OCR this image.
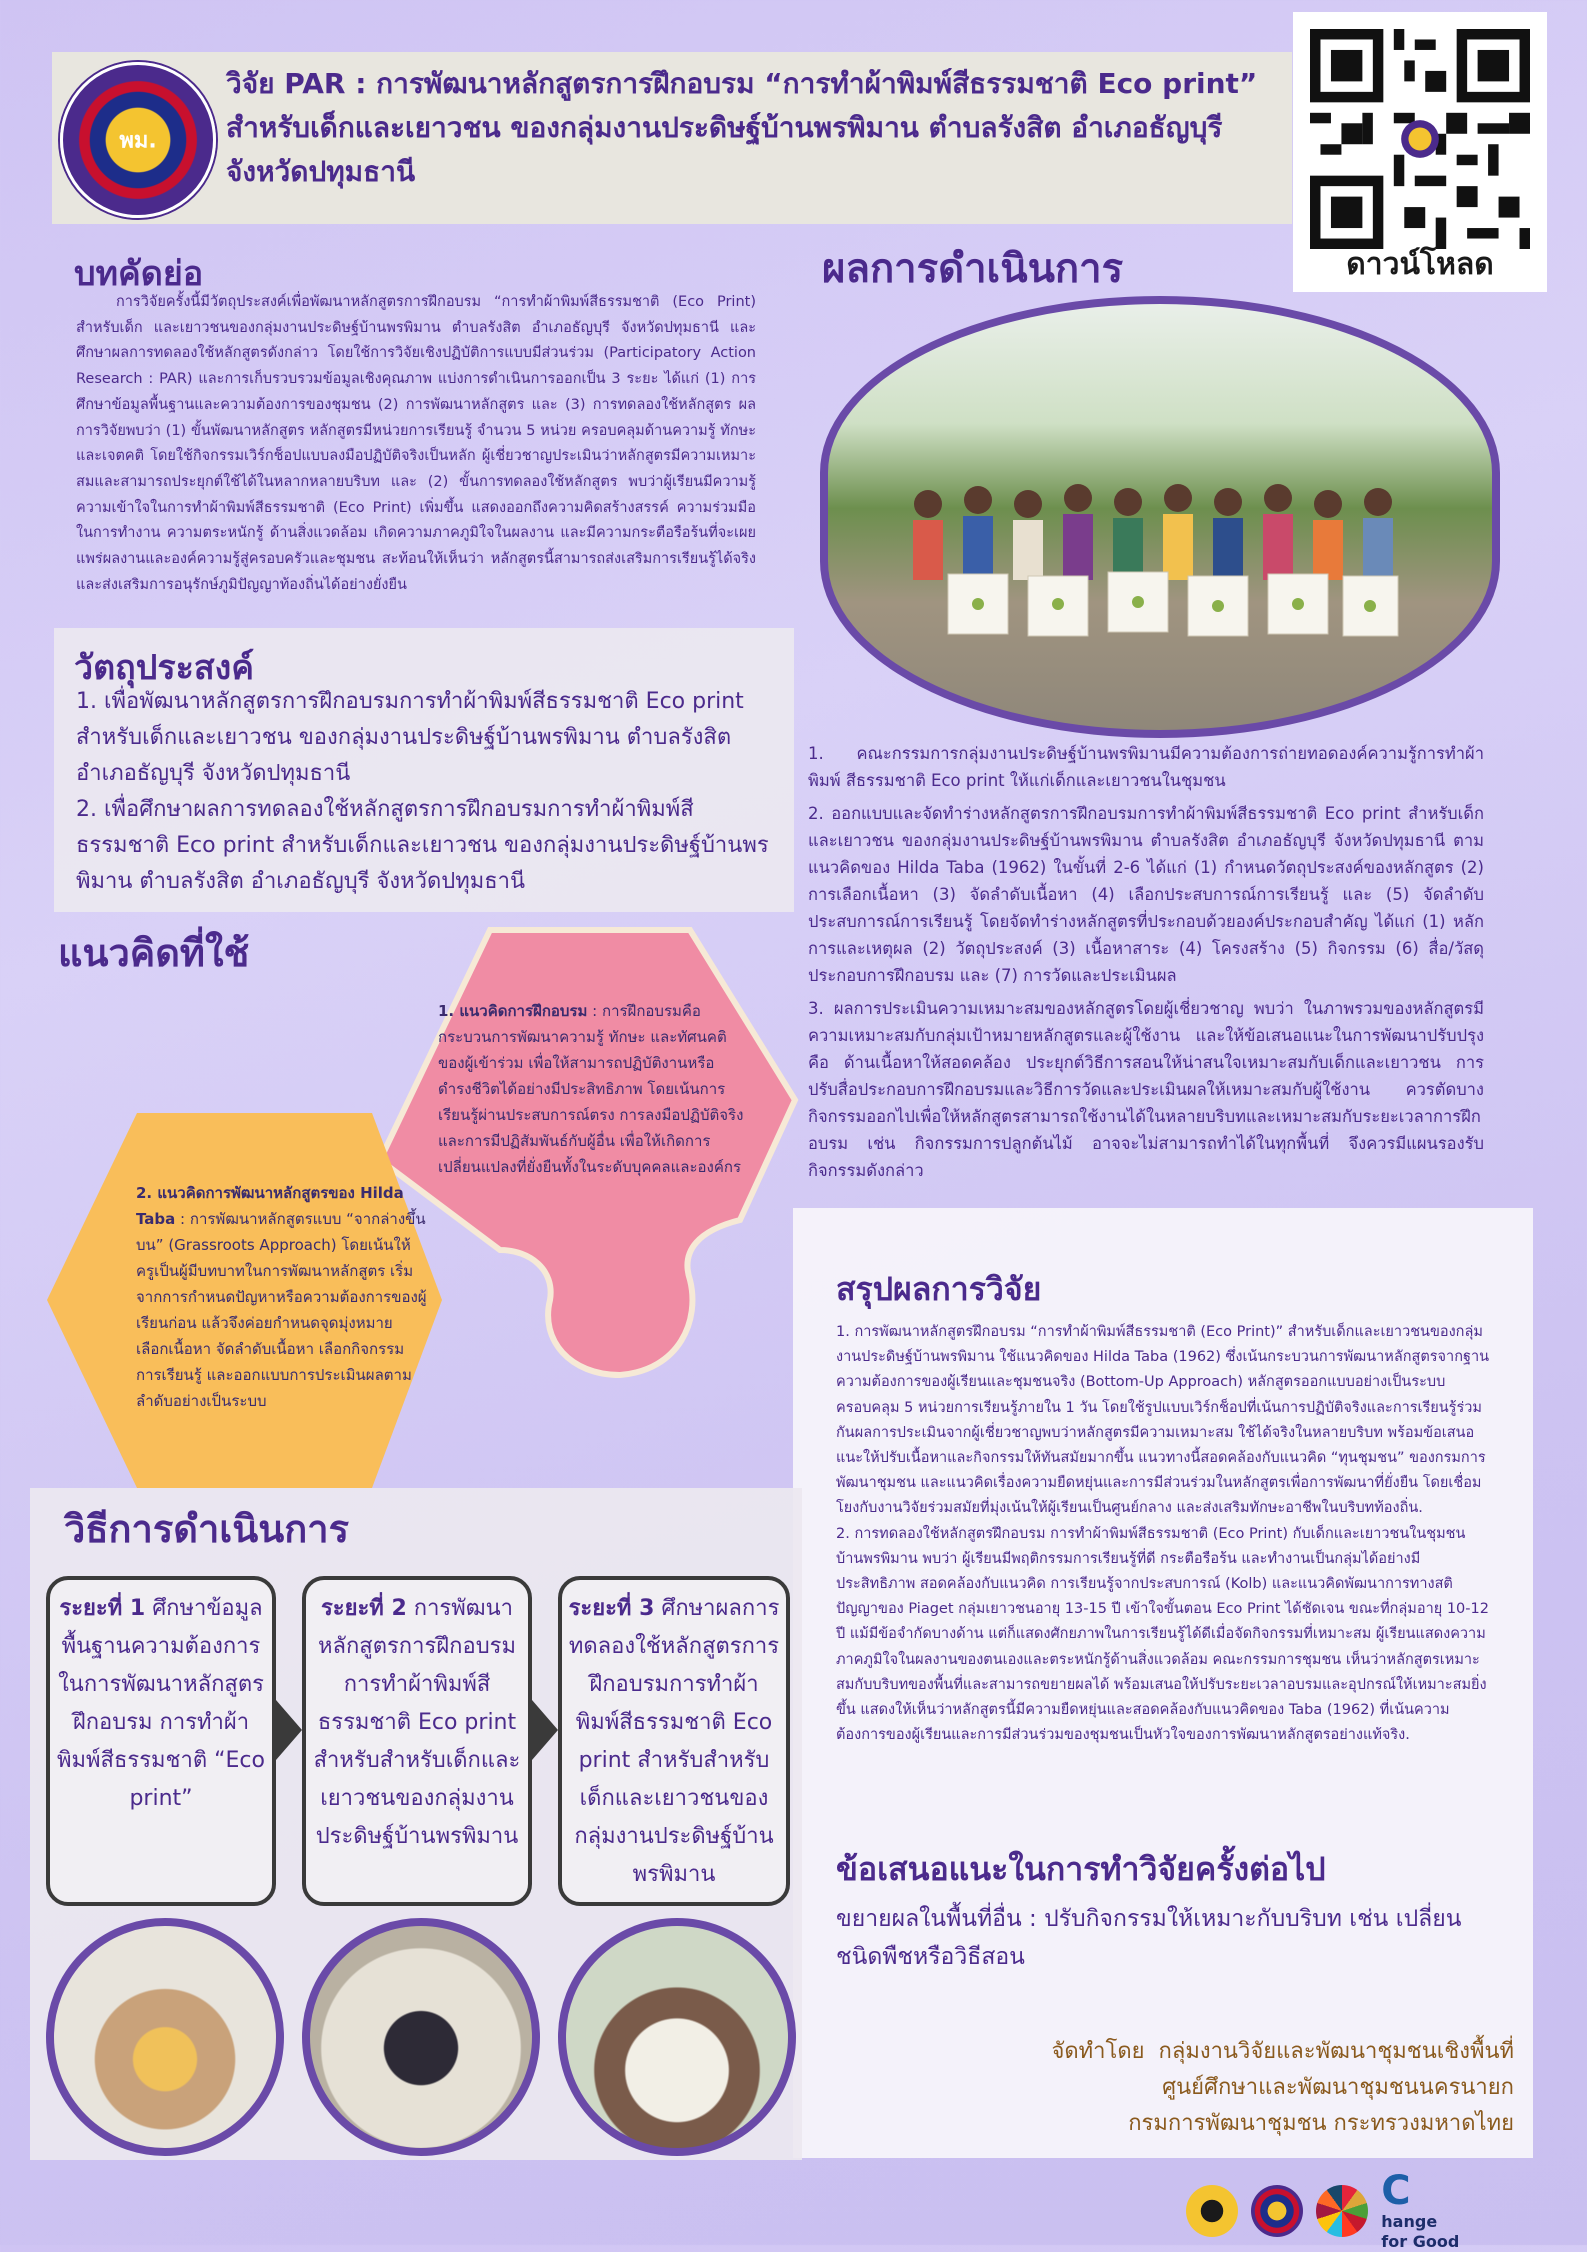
พม.
วิจัย PAR : การพัฒนาหลักสูตรการฝึกอบรม “การทำผ้าพิมพ์สีธรรมชาติ Eco print”
สำหรับเด็กและเยาวชน ของกลุ่มงานประดิษฐ์บ้านพรพิมาน ตำบลรังสิต อำเภอธัญบุรี
จังหวัดปทุมธานี
ดาวน์โหลด
บทคัดย่อ
การวิจัยครั้งนี้มีวัตถุประสงค์เพื่อพัฒนาหลักสูตรการฝึกอบรม “การทำผ้าพิมพ์สีธรรมชาติ (Eco Print) สำหรับเด็ก และเยาวชนของกลุ่มงานประดิษฐ์บ้านพรพิมาน ตำบลรังสิต อำเภอธัญบุรี จังหวัดปทุมธานี และศึกษาผลการทดลองใช้หลักสูตรดังกล่าว โดยใช้การวิจัยเชิงปฏิบัติการแบบมีส่วนร่วม (Participatory Action Research : PAR) และการเก็บรวบรวมข้อมูลเชิงคุณภาพ แบ่งการดำเนินการออกเป็น 3 ระยะ ได้แก่ (1) การศึกษาข้อมูลพื้นฐานและความต้องการของชุมชน (2) การพัฒนาหลักสูตร และ (3) การทดลองใช้หลักสูตร ผลการวิจัยพบว่า (1) ขั้นพัฒนาหลักสูตร หลักสูตรมีหน่วยการเรียนรู้ จำนวน 5 หน่วย ครอบคลุมด้านความรู้ ทักษะ และเจตคติ โดยใช้กิจกรรมเวิร์กช็อปแบบลงมือปฏิบัติจริงเป็นหลัก ผู้เชี่ยวชาญประเมินว่าหลักสูตรมีความเหมาะสมและสามารถประยุกต์ใช้ได้ในหลากหลายบริบท และ (2) ขั้นการทดลองใช้หลักสูตร พบว่าผู้เรียนมีความรู้ความเข้าใจในการทำผ้าพิมพ์สีธรรมชาติ (Eco Print) เพิ่มขึ้น แสดงออกถึงความคิดสร้างสรรค์ ความร่วมมือในการทำงาน ความตระหนักรู้ ด้านสิ่งแวดล้อม เกิดความภาคภูมิใจในผลงาน และมีความกระตือรือร้นที่จะเผยแพร่ผลงานและองค์ความรู้สู่ครอบครัวและชุมชน สะท้อนให้เห็นว่า หลักสูตรนี้สามารถส่งเสริมการเรียนรู้ได้จริงและส่งเสริมการอนุรักษ์ภูมิปัญญาท้องถิ่นได้อย่างยั่งยืน
วัตถุประสงค์
1. เพื่อพัฒนาหลักสูตรการฝึกอบรมการทำผ้าพิมพ์สีธรรมชาติ Eco print สำหรับเด็กและเยาวชน ของกลุ่มงานประดิษฐ์บ้านพรพิมาน ตำบลรังสิต อำเภอธัญบุรี จังหวัดปทุมธานี
2. เพื่อศึกษาผลการทดลองใช้หลักสูตรการฝึกอบรมการทำผ้าพิมพ์สีธรรมชาติ Eco print สำหรับเด็กและเยาวชน ของกลุ่มงานประดิษฐ์บ้านพรพิมาน ตำบลรังสิต อำเภอธัญบุรี จังหวัดปทุมธานี
แนวคิดที่ใช้
1. แนวคิดการฝึกอบรม : การฝึกอบรมคือกระบวนการพัฒนาความรู้ ทักษะ และทัศนคติของผู้เข้าร่วม เพื่อให้สามารถปฏิบัติงานหรือดำรงชีวิตได้อย่างมีประสิทธิภาพ โดยเน้นการเรียนรู้ผ่านประสบการณ์ตรง การลงมือปฏิบัติจริง และการมีปฏิสัมพันธ์กับผู้อื่น เพื่อให้เกิดการเปลี่ยนแปลงที่ยั่งยืนทั้งในระดับบุคคลและองค์กร
2. แนวคิดการพัฒนาหลักสูตรของ Hilda Taba : การพัฒนาหลักสูตรแบบ “จากล่างขึ้นบน” (Grassroots Approach) โดยเน้นให้ครูเป็นผู้มีบทบาทในการพัฒนาหลักสูตร เริ่มจากการกำหนดปัญหาหรือความต้องการของผู้เรียนก่อน แล้วจึงค่อยกำหนดจุดมุ่งหมาย เลือกเนื้อหา จัดลำดับเนื้อหา เลือกกิจกรรมการเรียนรู้ และออกแบบการประเมินผลตามลำดับอย่างเป็นระบบ
ผลการดำเนินการ

1. คณะกรรมการกลุ่มงานประดิษฐ์บ้านพรพิมานมีความต้องการถ่ายทอดองค์ความรู้การทำผ้าพิมพ์ สีธรรมชาติ Eco print ให้แก่เด็กและเยาวชนในชุมชน

2. ออกแบบและจัดทำร่างหลักสูตรการฝึกอบรมการทำผ้าพิมพ์สีธรรมชาติ Eco print สำหรับเด็กและเยาวชน ของกลุ่มงานประดิษฐ์บ้านพรพิมาน ตำบลรังสิต อำเภอธัญบุรี จังหวัดปทุมธานี ตามแนวคิดของ Hilda Taba (1962) ในขั้นที่ 2-6 ได้แก่ (1) กำหนดวัตถุประสงค์ของหลักสูตร (2) การเลือกเนื้อหา (3) จัดลำดับเนื้อหา (4) เลือกประสบการณ์การเรียนรู้ และ (5) จัดลำดับประสบการณ์การเรียนรู้ โดยจัดทำร่างหลักสูตรที่ประกอบด้วยองค์ประกอบสำคัญ ได้แก่ (1) หลักการและเหตุผล (2) วัตถุประสงค์ (3) เนื้อหาสาระ (4) โครงสร้าง (5) กิจกรรม (6) สื่อ/วัสดุประกอบการฝึกอบรม และ (7) การวัดและประเมินผล

3. ผลการประเมินความเหมาะสมของหลักสูตรโดยผู้เชี่ยวชาญ พบว่า ในภาพรวมของหลักสูตรมีความเหมาะสมกับกลุ่มเป้าหมายหลักสูตรและผู้ใช้งาน และให้ข้อเสนอแนะในการพัฒนาปรับปรุง คือ ด้านเนื้อหาให้สอดคล้อง ประยุกต์วิธีการสอนให้น่าสนใจเหมาะสมกับเด็กและเยาวชน การปรับสื่อประกอบการฝึกอบรมและวิธีการวัดและประเมินผลให้เหมาะสมกับผู้ใช้งาน ควรตัดบางกิจกรรมออกไปเพื่อให้หลักสูตรสามารถใช้งานได้ในหลายบริบทและเหมาะสมกับระยะเวลาการฝึกอบรม เช่น กิจกรรมการปลูกต้นไม้ อาจจะไม่สามารถทำได้ในทุกพื้นที่ จึงควรมีแผนรองรับกิจกรรมดังกล่าว

สรุปผลการวิจัย

1. การพัฒนาหลักสูตรฝึกอบรม “การทำผ้าพิมพ์สีธรรมชาติ (Eco Print)” สำหรับเด็กและเยาวชนของกลุ่มงานประดิษฐ์บ้านพรพิมาน ใช้แนวคิดของ Hilda Taba (1962) ซึ่งเน้นกระบวนการพัฒนาหลักสูตรจากฐานความต้องการของผู้เรียนและชุมชนจริง (Bottom-Up Approach) หลักสูตรออกแบบอย่างเป็นระบบ ครอบคลุม 5 หน่วยการเรียนรู้ภายใน 1 วัน โดยใช้รูปแบบเวิร์กช็อปที่เน้นการปฏิบัติจริงและการเรียนรู้ร่วมกันผลการประเมินจากผู้เชี่ยวชาญพบว่าหลักสูตรมีความเหมาะสม ใช้ได้จริงในหลายบริบท พร้อมข้อเสนอแนะให้ปรับเนื้อหาและกิจกรรมให้ทันสมัยมากขึ้น แนวทางนี้สอดคล้องกับแนวคิด “ทุนชุมชน” ของกรมการพัฒนาชุมชน และแนวคิดเรื่องความยืดหยุ่นและการมีส่วนร่วมในหลักสูตรเพื่อการพัฒนาที่ยั่งยืน โดยเชื่อมโยงกับงานวิจัยร่วมสมัยที่มุ่งเน้นให้ผู้เรียนเป็นศูนย์กลาง และส่งเสริมทักษะอาชีพในบริบทท้องถิ่น.

2. การทดลองใช้หลักสูตรฝึกอบรม การทำผ้าพิมพ์สีธรรมชาติ (Eco Print) กับเด็กและเยาวชนในชุมชนบ้านพรพิมาน พบว่า ผู้เรียนมีพฤติกรรมการเรียนรู้ที่ดี กระตือรือร้น และทำงานเป็นกลุ่มได้อย่างมีประสิทธิภาพ สอดคล้องกับแนวคิด การเรียนรู้จากประสบการณ์ (Kolb) และแนวคิดพัฒนาการทางสติปัญญาของ Piaget กลุ่มเยาวชนอายุ 13-15 ปี เข้าใจขั้นตอน Eco Print ได้ชัดเจน ขณะที่กลุ่มอายุ 10-12 ปี แม้มีข้อจำกัดบางด้าน แต่ก็แสดงศักยภาพในการเรียนรู้ได้ดีเมื่อจัดกิจกรรมที่เหมาะสม ผู้เรียนแสดงความภาคภูมิใจในผลงานของตนเองและตระหนักรู้ด้านสิ่งแวดล้อม คณะกรรมการชุมชน เห็นว่าหลักสูตรเหมาะสมกับบริบทของพื้นที่และสามารถขยายผลได้ พร้อมเสนอให้ปรับระยะเวลาอบรมและอุปกรณ์ให้เหมาะสมยิ่งขึ้น แสดงให้เห็นว่าหลักสูตรนี้มีความยืดหยุ่นและสอดคล้องกับแนวคิดของ Taba (1962) ที่เน้นความต้องการของผู้เรียนและการมีส่วนร่วมของชุมชนเป็นหัวใจของการพัฒนาหลักสูตรอย่างแท้จริง.

ข้อเสนอแนะในการทำวิจัยครั้งต่อไป
ขยายผลในพื้นที่อื่น : ปรับกิจกรรมให้เหมาะกับบริบท เช่น เปลี่ยนชนิดพืชหรือวิธีสอน
จัดทำโดย กลุ่มงานวิจัยและพัฒนาชุมชนเชิงพื้นที่
ศูนย์ศึกษาและพัฒนาชุมชนนครนายก
กรมการพัฒนาชุมชน กระทรวงมหาดไทย
วิธีการดำเนินการ
ระยะที่ 1 ศึกษาข้อมูลพื้นฐานความต้องการในการพัฒนาหลักสูตรฝึกอบรม การทำผ้าพิมพ์สีธรรมชาติ “Eco print”
ระยะที่ 2 การพัฒนาหลักสูตรการฝึกอบรมการทำผ้าพิมพ์สีธรรมชาติ Eco print สำหรับสำหรับเด็กและเยาวชนของกลุ่มงานประดิษฐ์บ้านพรพิมาน
ระยะที่ 3 ศึกษาผลการทดลองใช้หลักสูตรการฝึกอบรมการทำผ้าพิมพ์สีธรรมชาติ Eco print สำหรับสำหรับเด็กและเยาวชนของกลุ่มงานประดิษฐ์บ้านพรพิมาน

C
hange
for Good
